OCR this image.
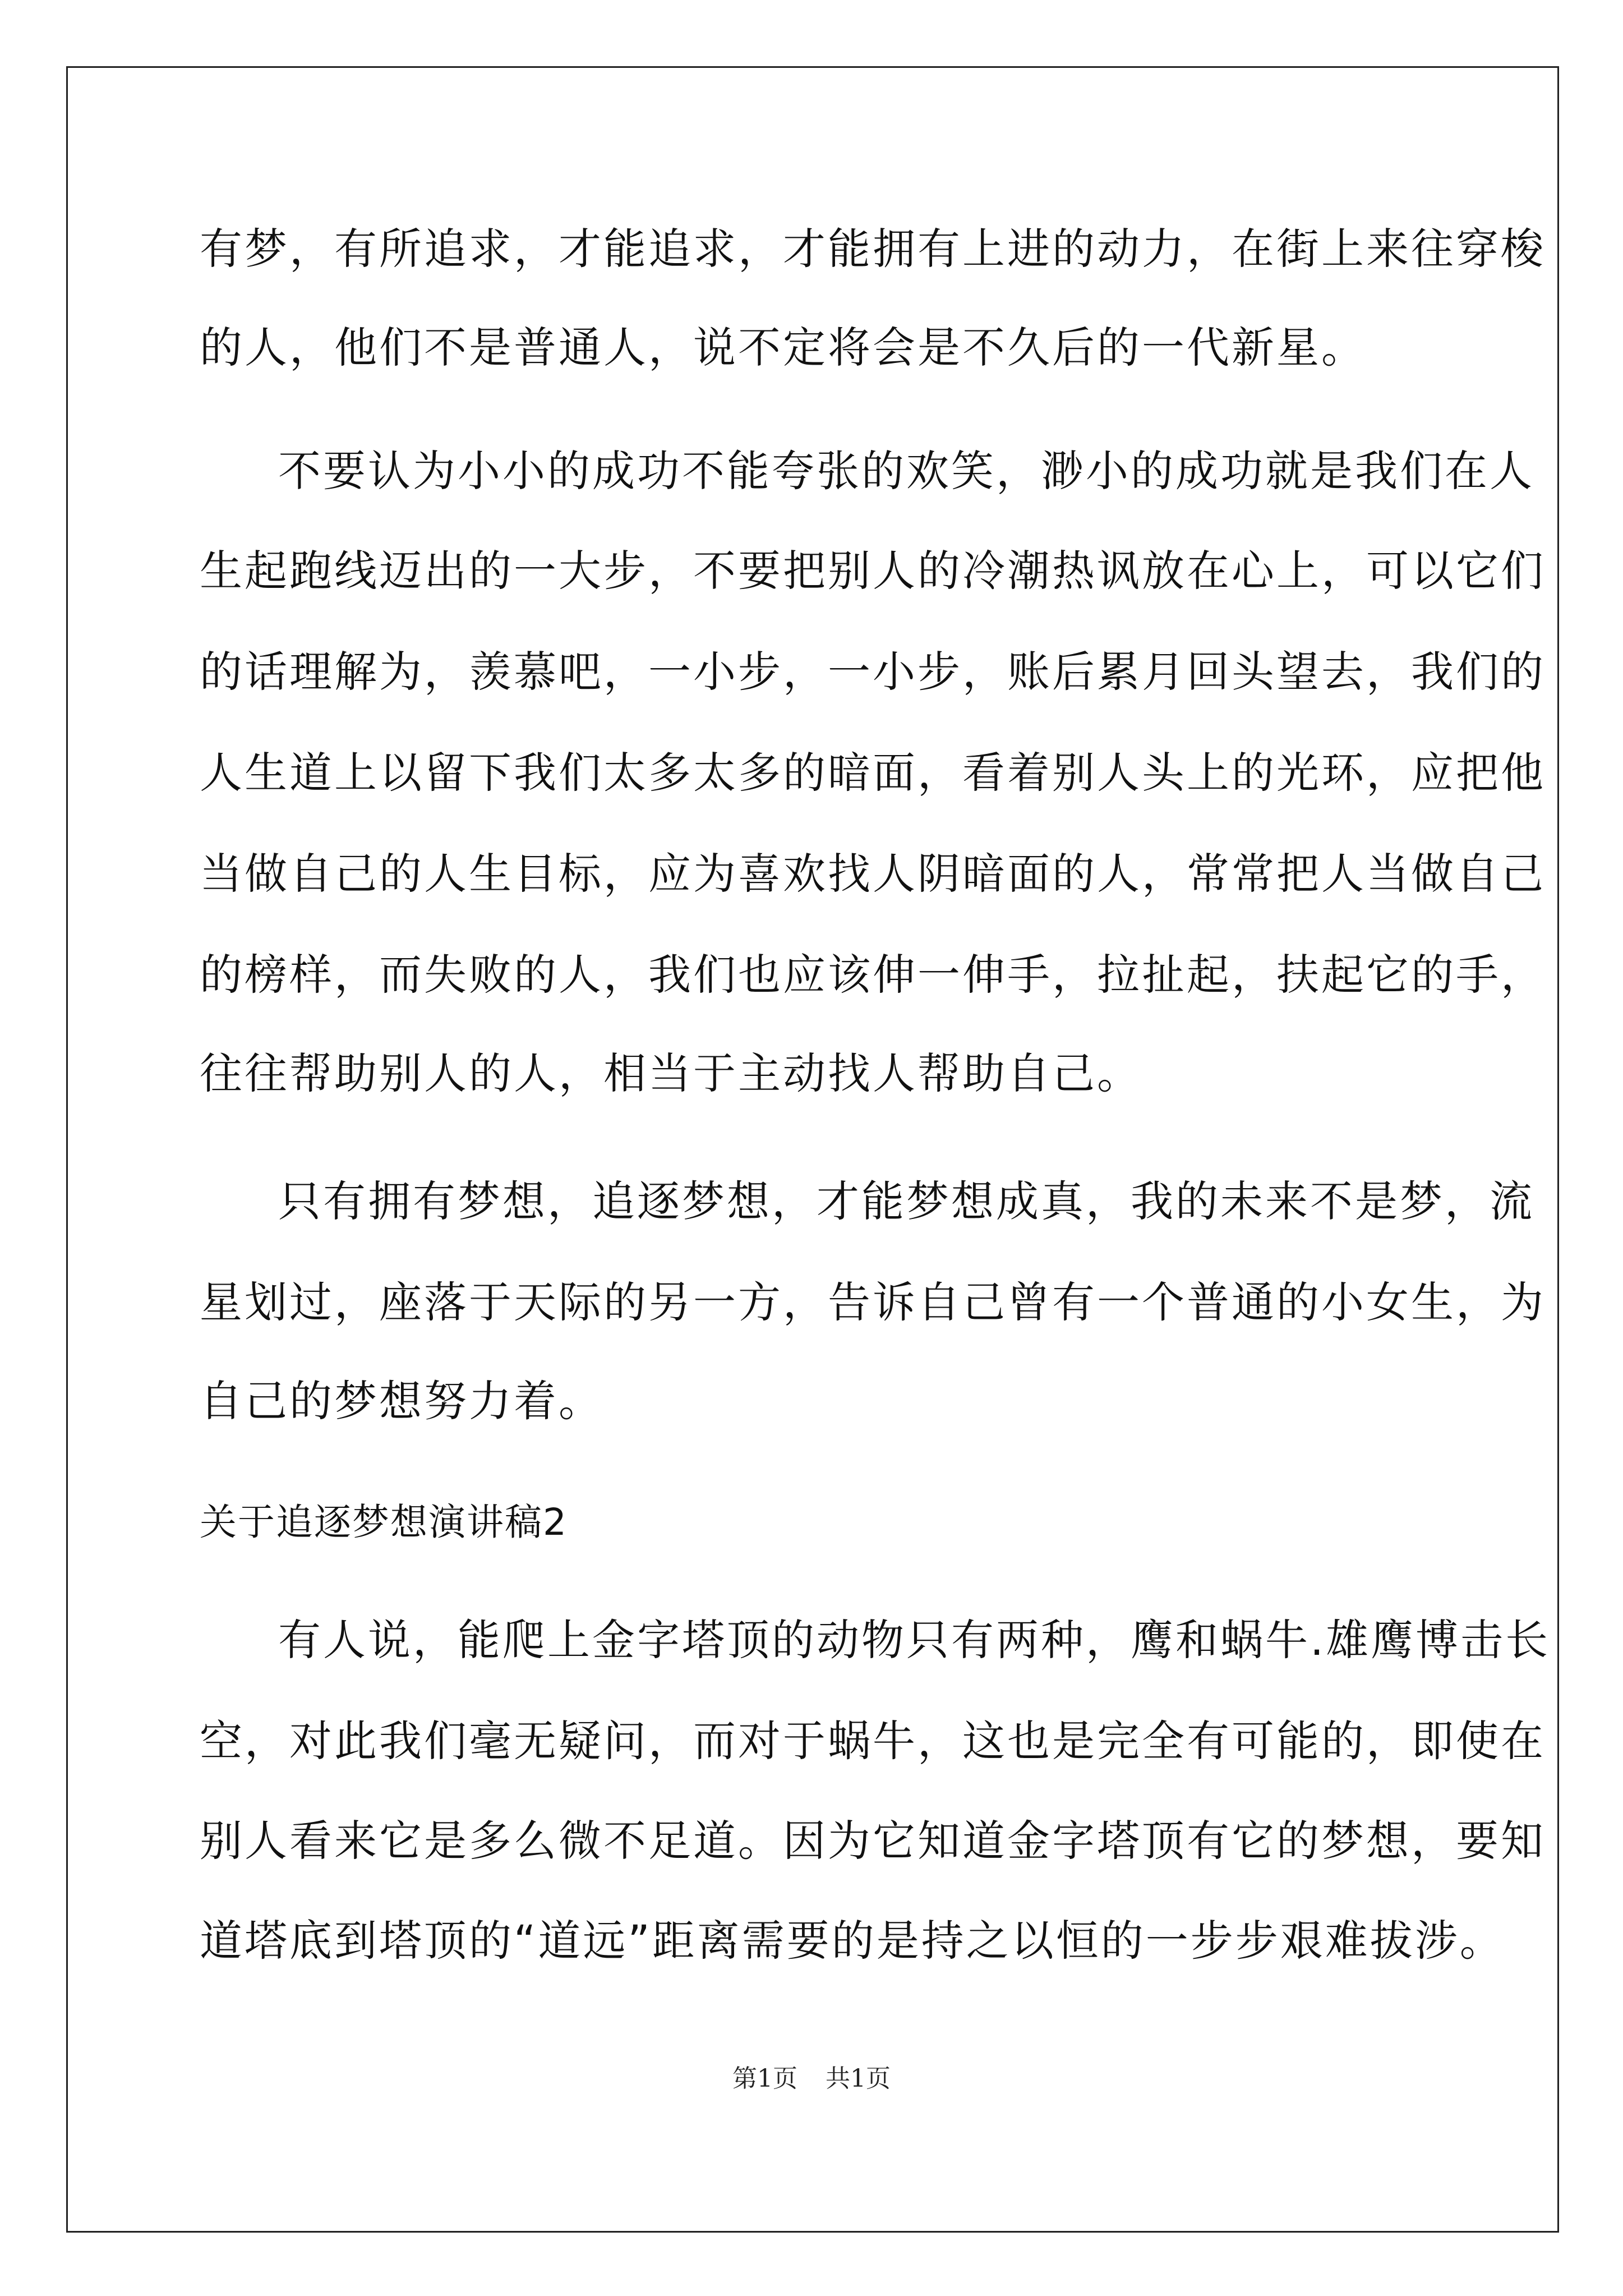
有梦，有所追求，才能追求，才能拥有上进的动力，在街上来往穿梭

的人，他们不是普通人，说不定将会是不久后的一代新星。

不要认为小小的成功不能夸张的欢笑，渺小的成功就是我们在人

生起跑线迈出的一大步，不要把别人的冷潮热讽放在心上，可以它们

的话理解为，羡慕吧，一小步，一小步，账后累月回头望去，我们的

人生道上以留下我们太多太多的暗面，看着别人头上的光环，应把他

当做自己的人生目标，应为喜欢找人阴暗面的人，常常把人当做自己

的榜样，而失败的人，我们也应该伸一伸手，拉扯起，扶起它的手，

往往帮助别人的人，相当于主动找人帮助自己。

只有拥有梦想，追逐梦想，才能梦想成真，我的未来不是梦，流

星划过，座落于天际的另一方，告诉自己曾有一个普通的小女生，为

自己的梦想努力着。

关于追逐梦想演讲稿2

有人说，能爬上金字塔顶的动物只有两种，鹰和蜗牛.雄鹰博击长

空，对此我们毫无疑问，而对于蜗牛，这也是完全有可能的，即使在

别人看来它是多么微不足道。因为它知道金字塔顶有它的梦想，要知

道塔底到塔顶的“道远”距离需要的是持之以恒的一步步艰难拔涉。

第1页 共1页
